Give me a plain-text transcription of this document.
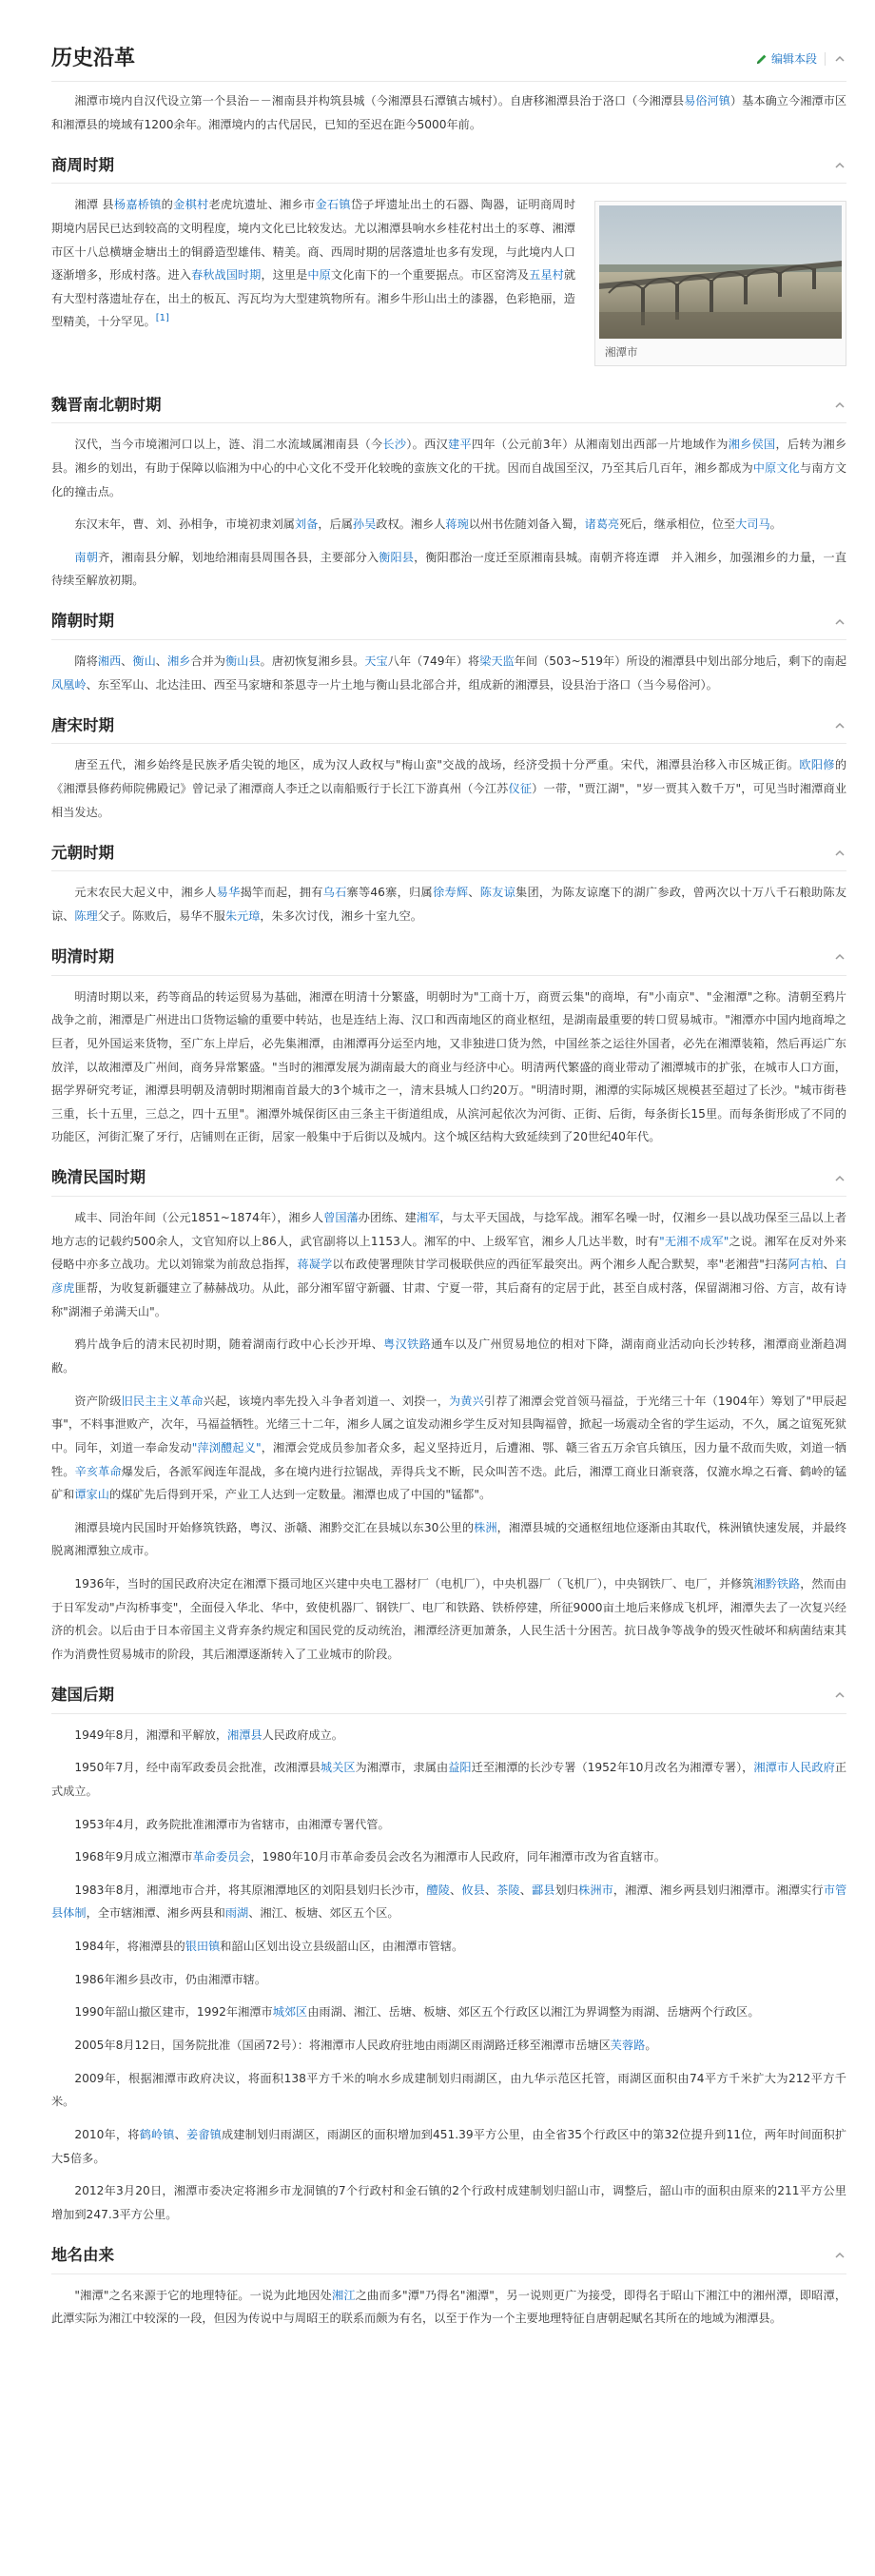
历史沿革	编辑本段

湘潭市境内自汉代设立第一个县治－－湘南县并构筑县城（今湘潭县石潭镇古城村）。自唐移湘潭县治于洛口（今湘潭县易俗河镇）基本确立今湘潭市区和湘潭县的境域有1200余年。湘潭境内的古代居民，已知的至迟在距今5000年前。

商周时期
湘潭市

湘潭 县杨嘉桥镇的金棋村老虎坑遗址、湘乡市金石镇岱子坪遗址出土的石器、陶器，证明商周时期境内居民已达到较高的文明程度，境内文化已比较发达。尤以湘潭县响水乡桂花村出土的豕尊、湘潭市区十八总横塘金塘出土的铜爵造型雄伟、精美。商、西周时期的居落遗址也多有发现，与此境内人口逐渐增多，形成村落。进入春秋战国时期，这里是中原文化南下的一个重要据点。市区窑湾及五星村就有大型村落遗址存在，出土的板瓦、泻瓦均为大型建筑物所有。湘乡牛形山出土的漆器，色彩艳丽，造型精美，十分罕见。[1]

魏晋南北朝时期

汉代，当今市境湘河口以上，涟、涓二水流域属湘南县（今长沙）。西汉建平四年（公元前3年）从湘南划出西部一片地域作为湘乡侯国，后转为湘乡县。湘乡的划出，有助于保障以临湘为中心的中心文化不受开化较晚的蛮族文化的干扰。因而自战国至汉，乃至其后几百年，湘乡都成为中原文化与南方文化的撞击点。

东汉末年，曹、刘、孙相争，市境初隶刘属刘备，后属孙吴政权。湘乡人蒋琬以州书佐随刘备入蜀，诸葛亮死后，继承相位，位至大司马。

南朝齐，湘南县分解，划地给湘南县周围各县，主要部分入衡阳县，衡阳郡治一度迁至原湘南县城。南朝齐将连谭　并入湘乡，加强湘乡的力量，一直待续至解放初期。

隋朝时期

隋将湘西、衡山、湘乡合并为衡山县。唐初恢复湘乡县。天宝八年（749年）将梁天监年间（503~519年）所设的湘潭县中划出部分地后，剩下的南起凤凰岭、东至军山、北达洼田、西至马家塘和茶恩寺一片土地与衡山县北部合并，组成新的湘潭县，设县治于洛口（当今易俗河）。

唐宋时期

唐至五代，湘乡始终是民族矛盾尖锐的地区，成为汉人政权与"梅山蛮"交战的战场，经济受损十分严重。宋代，湘潭县治移入市区城正街。欧阳修的《湘潭县修药师院佛殿记》曾记录了湘潭商人李迁之以南船贩行于长江下游真州（今江苏仪征）一带，"贾江湖"，"岁一贾其入数千万"，可见当时湘潭商业相当发达。

元朝时期

元末农民大起义中，湘乡人易华揭竿而起，拥有乌石寨等46寨，归属徐寿辉、陈友谅集团，为陈友谅麾下的湖广参政，曾两次以十万八千石粮助陈友谅、陈理父子。陈败后，易华不服朱元璋，朱多次讨伐，湘乡十室九空。

明清时期

明清时期以来，药等商品的转运贸易为基础，湘潭在明清十分繁盛，明朝时为"工商十万，商贾云集"的商埠，有"小南京"、"金湘潭"之称。清朝至鸦片战争之前，湘潭是广州进出口货物运输的重要中转站，也是连结上海、汉口和西南地区的商业枢纽，是湖南最重要的转口贸易城市。"湘潭亦中国内地商埠之巨者，见外国运来货物，至广东上岸后，必先集湘潭，由湘潭再分运至内地，又非独进口货为然，中国丝茶之运往外国者，必先在湘潭装箱，然后再运广东放洋，以故湘潭及广州间，商务异常繁盛。"当时的湘潭发展为湖南最大的商业与经济中心。明清两代繁盛的商业带动了湘潭城市的扩张，在城市人口方面，据学界研究考证，湘潭县明朝及清朝时期湘南首最大的3个城市之一，清末县城人口约20万。"明清时期，湘潭的实际城区规模甚至超过了长沙。"城市街巷三重，长十五里，三总之，四十五里"。湘潭外城保街区由三条主干街道组成，从滨河起依次为河街、正街、后街，每条街长15里。而每条街形成了不同的功能区，河街汇聚了牙行，店铺则在正街，居家一般集中于后街以及城内。这个城区结构大致延续到了20世纪40年代。

晚清民国时期

咸丰、同治年间（公元1851~1874年），湘乡人曾国藩办团练、建湘军，与太平天国战，与捻军战。湘军名噪一时，仅湘乡一县以战功保至三品以上者地方志的记载约500余人，文官知府以上86人，武官副将以上1153人。湘军的中、上级军官，湘乡人几达半数，时有"无湘不成军"之说。湘军在反对外来侵略中亦多立战功。尤以刘锦棠为前敌总指挥，蒋凝学以布政使署理陕甘学司极联供应的西征军最突出。两个湘乡人配合默契，率"老湘营"扫荡阿古柏、白彦虎匪帮，为收复新疆建立了赫赫战功。从此，部分湘军留守新疆、甘肃、宁夏一带，其后裔有的定居于此，甚至自成村落，保留湖湘习俗、方言，故有诗称"湖湘子弟满天山"。

鸦片战争后的清末民初时期，随着湖南行政中心长沙开埠、粤汉铁路通车以及广州贸易地位的相对下降，湖南商业活动向长沙转移，湘潭商业渐趋凋敝。

资产阶级旧民主主义革命兴起，该境内率先投入斗争者刘道一、刘揆一，为黄兴引荐了湘潭会党首领马福益，于光绪三十年（1904年）筹划了"甲辰起事"，不料事泄败产，次年，马福益牺牲。光绪三十二年，湘乡人属之谊发动湘乡学生反对知县陶福曾，掀起一场震动全省的学生运动，不久，属之谊冤死狱中。同年，刘道一奉命发动"萍浏醴起义"，湘潭会党成员参加者众多，起义坚持近月，后遭湘、鄂、赣三省五万余官兵镇压，因力量不敌而失败，刘道一牺牲。辛亥革命爆发后，各派军阀连年混战，多在境内进行拉锯战，弄得兵戈不断，民众叫苦不迭。此后，湘潭工商业日渐衰落，仅漉水埠之石膏、鹤岭的锰矿和谭家山的煤矿先后得到开采，产业工人达到一定数量。湘潭也成了中国的"锰都"。

湘潭县境内民国时开始修筑铁路，粤汉、浙赣、湘黔交汇在县城以东30公里的株洲，湘潭县城的交通枢纽地位逐渐由其取代，株洲镇快速发展，并最终脱离湘潭独立成市。

1936年，当时的国民政府决定在湘潭下摄司地区兴建中央电工器材厂（电机厂），中央机器厂（飞机厂），中央钢铁厂、电厂，并修筑湘黔铁路，然而由于日军发动"卢沟桥事变"，全面侵入华北、华中，致使机器厂、钢铁厂、电厂和铁路、铁桥停建，所征9000亩土地后来修成飞机坪，湘潭失去了一次复兴经济的机会。以后由于日本帝国主义背弃条约规定和国民党的反动统治，湘潭经济更加萧条，人民生活十分困苦。抗日战争等战争的毁灭性破坏和病菌结束其作为消费性贸易城市的阶段，其后湘潭逐渐转入了工业城市的阶段。

建国后期

1949年8月，湘潭和平解放，湘潭县人民政府成立。

1950年7月，经中南军政委员会批准，改湘潭县城关区为湘潭市，隶属由益阳迁至湘潭的长沙专署（1952年10月改名为湘潭专署），湘潭市人民政府正式成立。

1953年4月，政务院批准湘潭市为省辖市，由湘潭专署代管。

1968年9月成立湘潭市革命委员会，1980年10月市革命委员会改名为湘潭市人民政府，同年湘潭市改为省直辖市。

1983年8月，湘潭地市合并，将其原湘潭地区的刘阳县划归长沙市，醴陵、攸县、茶陵、酃县划归株洲市，湘潭、湘乡两县划归湘潭市。湘潭实行市管县体制，全市辖湘潭、湘乡两县和雨湖、湘江、板塘、郊区五个区。

1984年，将湘潭县的银田镇和韶山区划出设立县级韶山区，由湘潭市管辖。

1986年湘乡县改市，仍由湘潭市辖。

1990年韶山撤区建市，1992年湘潭市城郊区由雨湖、湘江、岳塘、板塘、郊区五个行政区以湘江为界调整为雨湖、岳塘两个行政区。

2005年8月12日，国务院批准（国函72号）：将湘潭市人民政府驻地由雨湖区雨湖路迁移至湘潭市岳塘区芙蓉路。

2009年，根据湘潭市政府决议，将面积138平方千米的响水乡成建制划归雨湖区，由九华示范区托管，雨湖区面积由74平方千米扩大为212平方千米。

2010年，将鹤岭镇、姜畲镇成建制划归雨湖区，雨湖区的面积增加到451.39平方公里，由全省35个行政区中的第32位提升到11位，两年时间面积扩大5倍多。

2012年3月20日，湘潭市委决定将湘乡市龙洞镇的7个行政村和金石镇的2个行政村成建制划归韶山市，调整后，韶山市的面积由原来的211平方公里增加到247.3平方公里。

地名由来

"湘潭"之名来源于它的地理特征。一说为此地因处湘江之曲而多"潭"乃得名"湘潭"，另一说则更广为接受，即得名于昭山下湘江中的湘州潭，即昭潭，此潭实际为湘江中较深的一段，但因为传说中与周昭王的联系而颇为有名，以至于作为一个主要地理特征自唐朝起赋名其所在的地域为湘潭县。
